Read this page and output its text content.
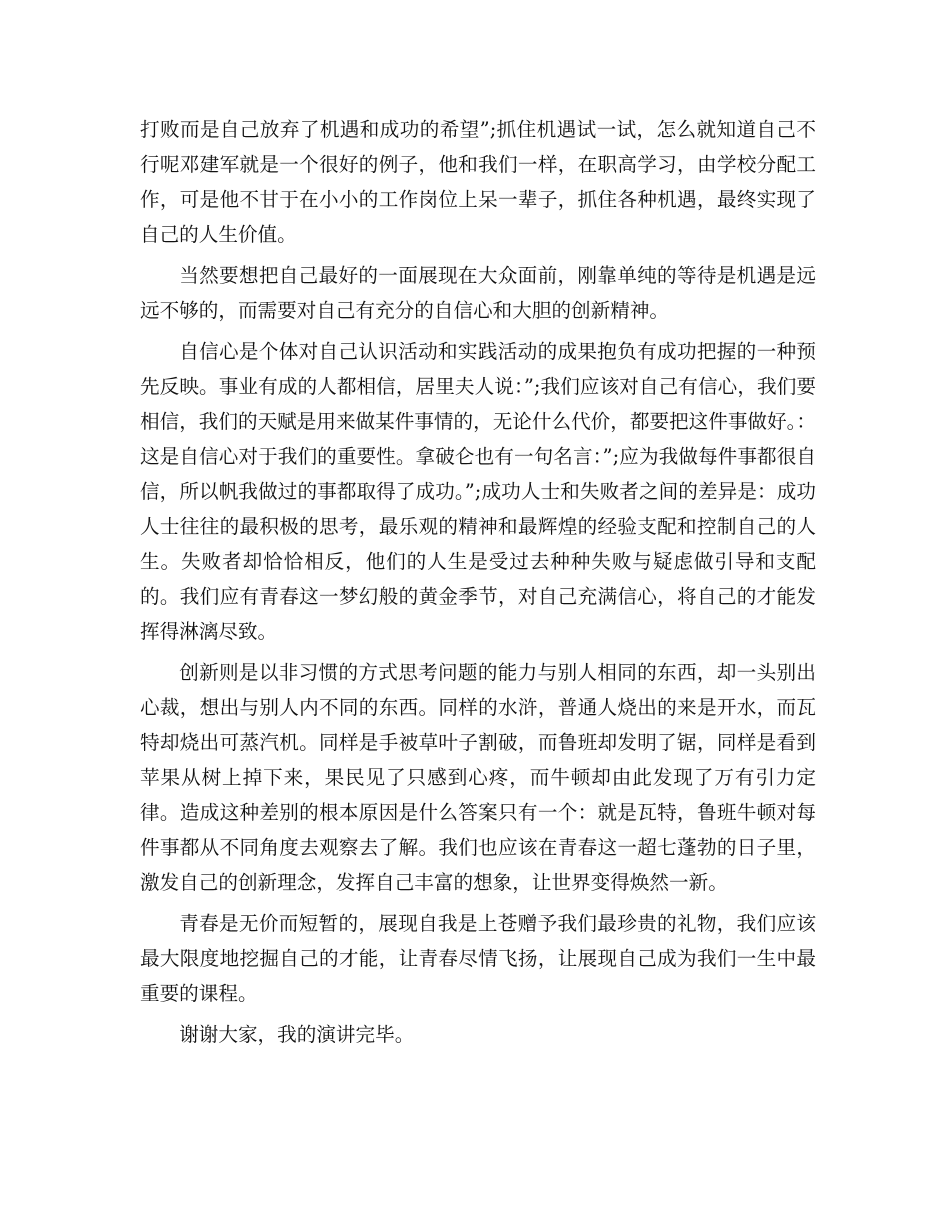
打败而是自己放弃了机遇和成功的希望”;抓住机遇试一试，怎么就知道自己不行呢邓建军就是一个很好的例子，他和我们一样，在职高学习，由学校分配工作，可是他不甘于在小小的工作岗位上呆一辈子，抓住各种机遇，最终实现了自己的人生价值。

当然要想把自己最好的一面展现在大众面前，刚靠单纯的等待是机遇是远远不够的，而需要对自己有充分的自信心和大胆的创新精神。

自信心是个体对自己认识活动和实践活动的成果抱负有成功把握的一种预先反映。事业有成的人都相信，居里夫人说：”;我们应该对自己有信心，我们要相信，我们的天赋是用来做某件事情的，无论什么代价，都要把这件事做好。：这是自信心对于我们的重要性。拿破仑也有一句名言：”;应为我做每件事都很自信，所以帆我做过的事都取得了成功。”;成功人士和失败者之间的差异是：成功人士往往的最积极的思考，最乐观的精神和最辉煌的经验支配和控制自己的人生。失败者却恰恰相反，他们的人生是受过去种种失败与疑虑做引导和支配的。我们应有青春这一梦幻般的黄金季节，对自己充满信心，将自己的才能发挥得淋漓尽致。

创新则是以非习惯的方式思考问题的能力与别人相同的东西，却一头别出心裁，想出与别人内不同的东西。同样的水浒，普通人烧出的来是开水，而瓦特却烧出可蒸汽机。同样是手被草叶子割破，而鲁班却发明了锯，同样是看到苹果从树上掉下来，果民见了只感到心疼，而牛顿却由此发现了万有引力定律。造成这种差别的根本原因是什么答案只有一个：就是瓦特，鲁班牛顿对每件事都从不同角度去观察去了解。我们也应该在青春这一超七蓬勃的日子里，激发自己的创新理念，发挥自己丰富的想象，让世界变得焕然一新。

青春是无价而短暂的，展现自我是上苍赠予我们最珍贵的礼物，我们应该最大限度地挖掘自己的才能，让青春尽情飞扬，让展现自己成为我们一生中最重要的课程。

谢谢大家，我的演讲完毕。
